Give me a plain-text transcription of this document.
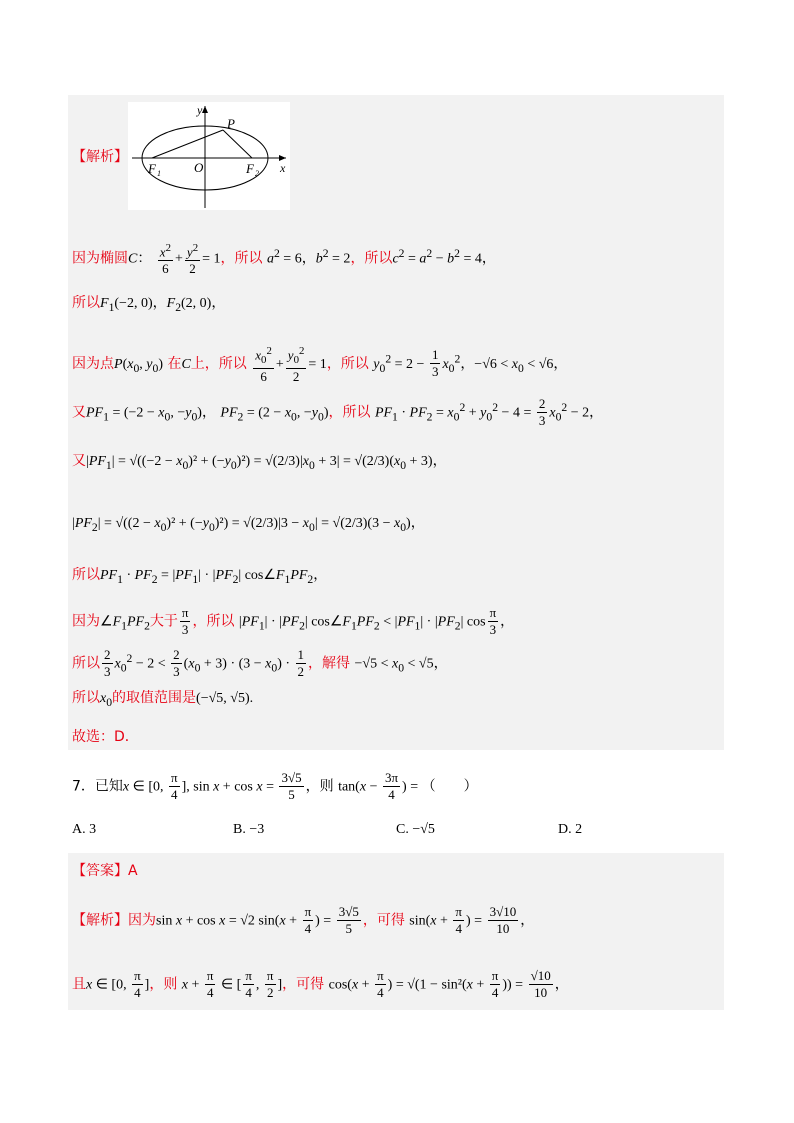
【解析】
y
x
P
O
F 1	F 2
因为椭圆C： $\frac{x^2}{6} + \frac{y^2}{2} = 1$，所以 $a^2 = 6$，$b^2 = 2$，所以$c^2 = a^2 - b^2 = 4$，
所以$F_1(-2$, 0)，$F_2(2$, 0)，
因为点$P(x_0$, $y_0$) 在C上，所以 $\frac{x_0^2}{6} + \frac{y_0^2}{2} = 1$，所以 $y_0^2 = 2 - \frac{1}{3} x_0^2$，$-√6 < x_0 < √6$，
又$PF_1 = (-2 - x_0$, $-y_0$)， $PF_2 = (2 - x_0$, $-y_0$)，所以 $PF_1 \cdot PF_2 = x_0^2 + y_0^2 - 4 = \frac{2}{3} x_0^2 - 2$，
又$|PF_1| = √((-2 - x_0)^2 + (-y_0)^2) = √(2/3)|x_0 + 3| = √(2/3)(x_0 + 3)$，
$|PF_2| = √((2 - x_0)^2 + (-y_0)^2) = √(2/3)|3 - x_0| = √(2/3)(3 - x_0)$，
所以$PF_1 \cdot PF_2 = |PF_1| \cdot |PF_2|$ $\cos\angle F_1PF_2$，
因为$\angle F_1PF_2$大于 $\frac{\pi}{3}$ ，所以 $|PF_1| \cdot |PF_2|$ $\cos\angle F_1PF_2 < |PF_1| \cdot |PF_2|$ $\cos \frac{\pi}{3}$ ，
所以 $\frac{2}{3} x_0^2 - 2 < \frac{2}{3} (x_0 + 3) \cdot (3 - x_0) \cdot \frac{1}{2}$ ，解得 $-√5 < x_0 < √5$，
所以$x_0$的取值范围是(−√5, √5).
故选：D．
7．已知x ∈ [0, $\frac{\pi}{4}$ ], $\sin x + \cos x = \frac{3√5}{5}$ ，则 $\tan(x - \frac{3\pi}{4}$ ) = （　　）
A. 3	B. −3	C. −√5	D. 2
【答案】A
【解析】因为sin x + cos x = √2 $\sin(x + \frac{\pi}{4}$ ) = $\frac{3√5}{5}$ ，可得 $\sin(x + \frac{\pi}{4}$ ) = $\frac{3√10}{10}$ ，
且x ∈ [0, $\frac{\pi}{4}$ ]，则 $x + \frac{\pi}{4}$ ∈ [ $\frac{\pi}{4}$ , $\frac{\pi}{2}$ ]，可得 $\cos(x + \frac{\pi}{4}$ ) = $√(1 - \sin^2(x + \frac{\pi}{4}$ )) = $\frac{√10}{10}$ ，
